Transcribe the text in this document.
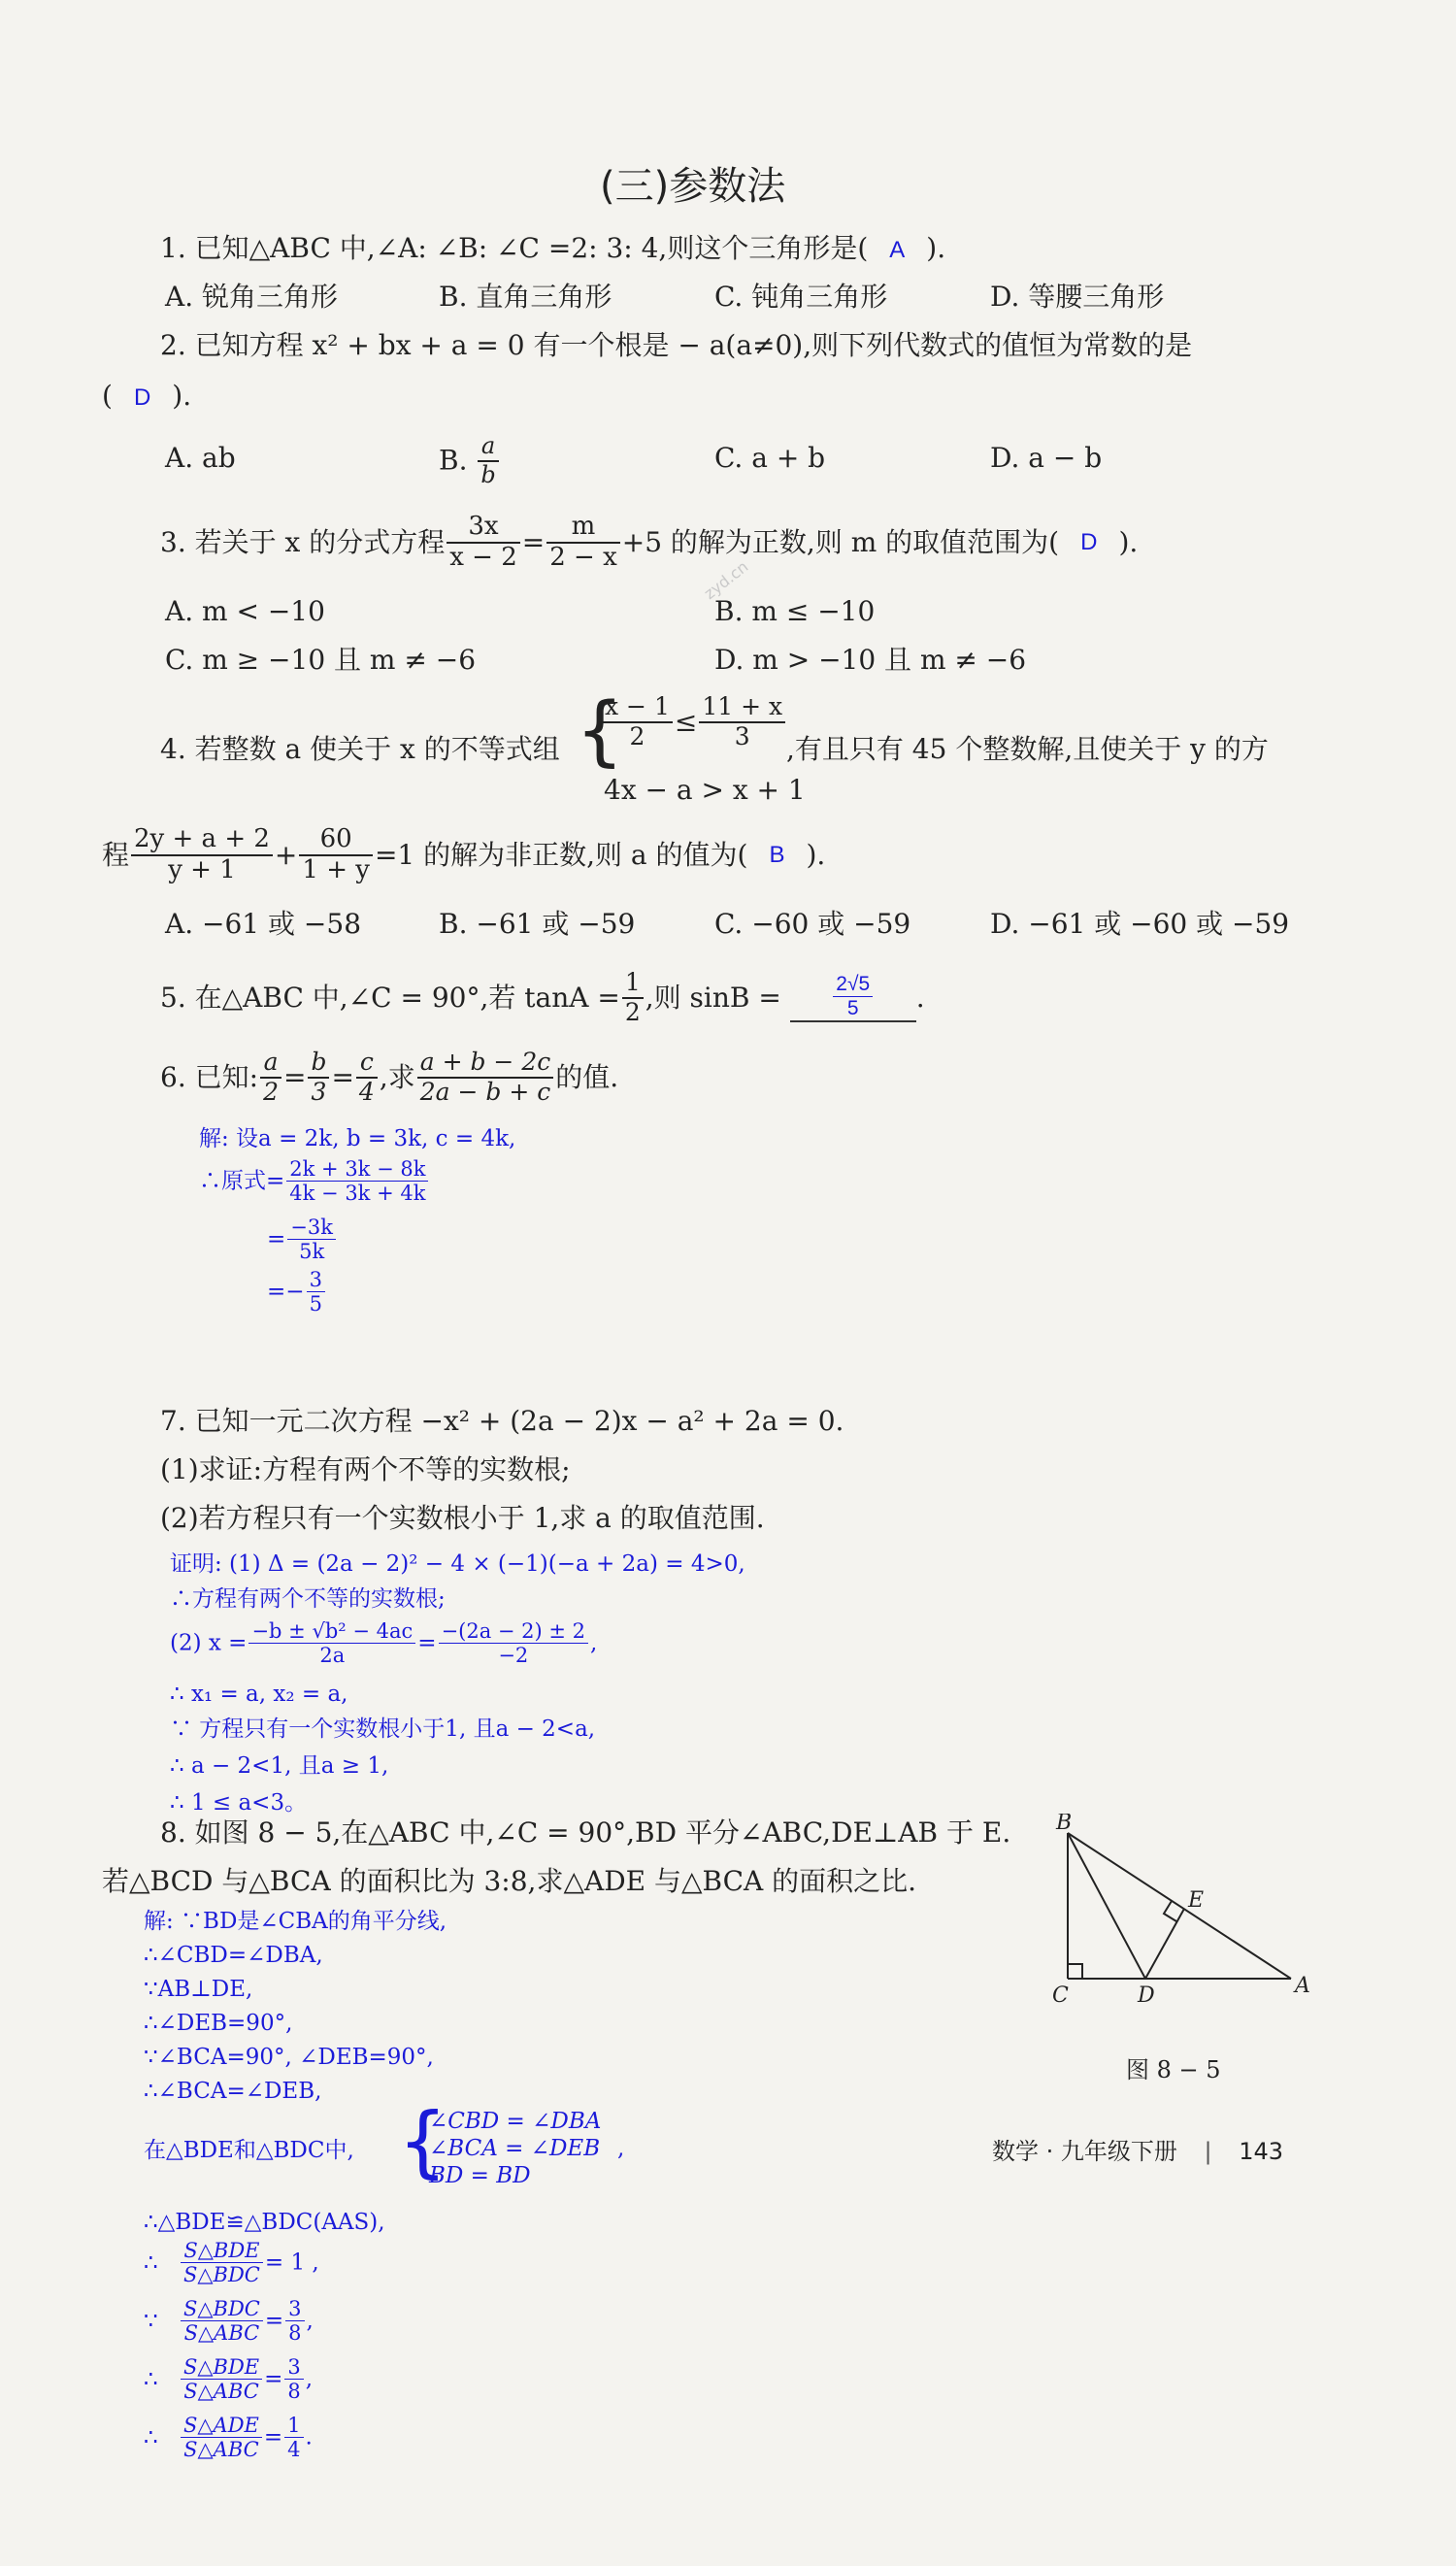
(三)参数法
1. 已知△ABC 中,∠A: ∠B: ∠C =2: 3: 4,则这个三角形是( A ).
A. 锐角三角形	B. 直角三角形	C. 钝角三角形	D. 等腰三角形
2. 已知方程 x² + bx + a = 0 有一个根是 − a(a≠0),则下列代数式的值恒为常数的是
( D ).
A. ab	B. $\frac{a}{b}$	C. a + b	D. a − b
3. 若关于 x 的分式方程 $\frac{3x}{x - 2} = \frac{m}{2 - x} +5$ 的解为正数,则 m 的取值范围为( D ).
zyd.cn
A. m < −10	B. m ≤ −10
C. m ≥ −10 且 m ≠ −6	D. m > −10 且 m ≠ −6
4. 若整数 a 使关于 x 的不等式组 {
$\frac{x - 1}{2} \le \frac{11 + x}{3}$
4x − a > x + 1
,有且只有 45 个整数解,且使关于 y 的方
程 $\frac{2y + a + 2}{y + 1} + \frac{60}{1 + y} =1$ 的解为非正数,则 a 的值为( B ).
A. −61 或 −58	B. −61 或 −59	C. −60 或 −59	D. −61 或 −60 或 −59
5. 在△ABC 中,∠C = 90°,若 $\tan A = \frac{1}{2}$ ,则 sinB =	$\frac{2√5}{5}$ .
6. 已知: $\frac{a}{2} = \frac{b}{3} = \frac{c}{4}$ ,求 $\frac{a + b - 2c}{2a - b + c}$ 的值.
解: 设a = 2k, b = 3k, c = 4k,
∴原式= $\frac{2k + 3k - 8k}{4k - 3k + 4k}$
= $\frac{-3k}{5k}$
=− $\frac{3}{5}$
7. 已知一元二次方程 −x² + (2a − 2)x − a² + 2a = 0.
(1)求证:方程有两个不等的实数根;
(2)若方程只有一个实数根小于 1,求 a 的取值范围.
证明: (1) Δ = (2a − 2)² − 4 × (−1)(−a + 2a) = 4>0,
∴方程有两个不等的实数根;
(2) $x = \frac{\text{−b ± √b² − 4ac}}{2a} = \frac{-(2a - 2) \pm 2}{-2}$ ,
∴ x₁ = a, x₂ = a,
∵ 方程只有一个实数根小于1, 且a − 2<a,
∴ a − 2<1, 且a ≥ 1,
∴ 1 ≤ a<3。
8. 如图 8 − 5,在△ABC 中,∠C = 90°,BD 平分∠ABC,DE⊥AB 于 E.
若△BCD 与△BCA 的面积比为 3:8,求△ADE 与△BCA 的面积之比.
B
E
C	D	A
图 8 − 5
解: ∵BD是∠CBA的角平分线,
∴∠CBD=∠DBA,
∵AB⊥DE,
∴∠DEB=90°,
∵∠BCA=90°, ∠DEB=90°,
∴∠BCA=∠DEB,
在△BDE和△BDC中, {
∠CBD = ∠DBA
∠BCA = ∠DEB
BD = BD
,
∴△BDE≌△BDC(AAS),
∴ $\frac{\text{S△BDE}}{\text{S△BDC}} = 1$ ,
∵ $\frac{\text{S△BDC}}{\text{S△ABC}} = \frac{3}{8}$ ,
∴ $\frac{\text{S△BDE}}{\text{S△ABC}} = \frac{3}{8}$ ,
∴ $\frac{\text{S△ADE}}{\text{S△ABC}} = \frac{1}{4}$ .
数学 · 九年级下册 | 143
